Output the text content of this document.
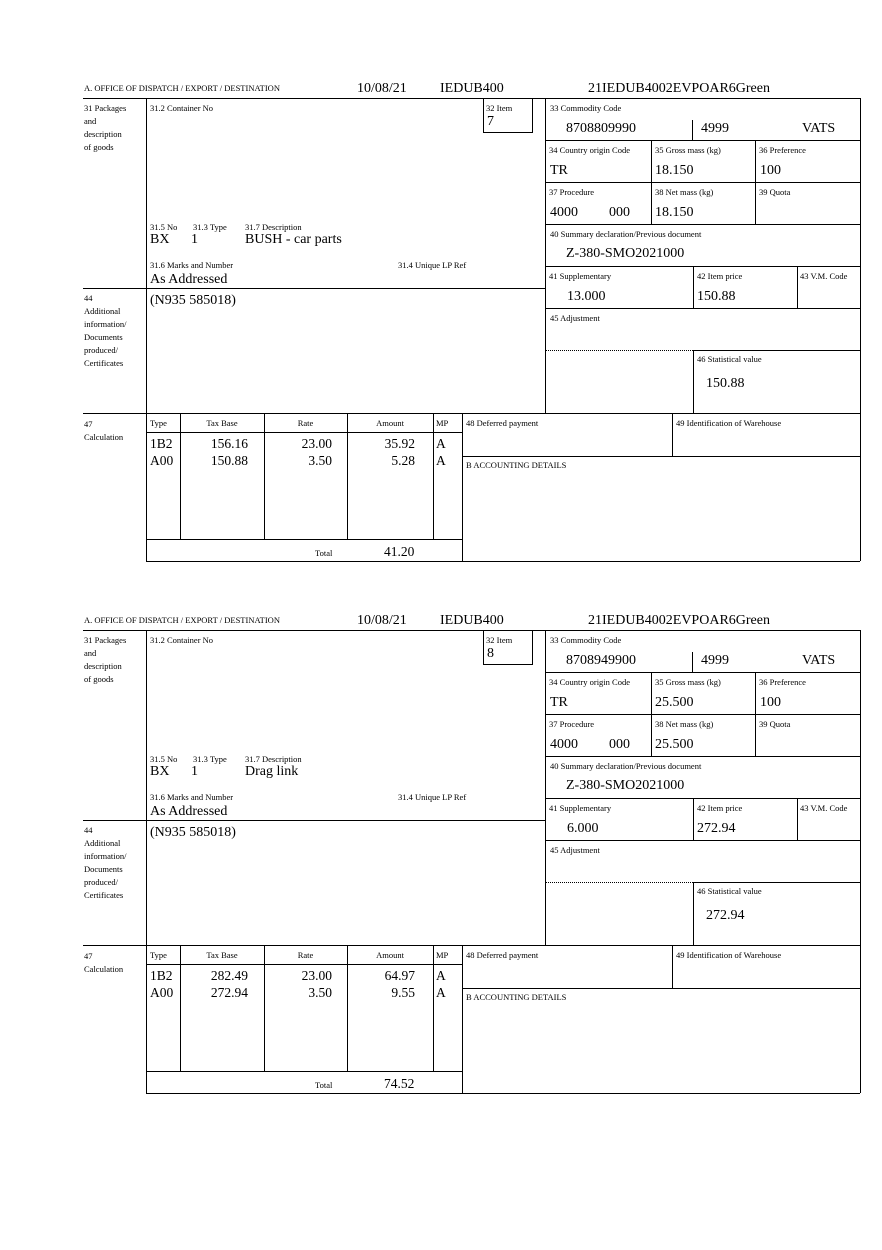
A. OFFICE OF DISPATCH / EXPORT / DESTINATION	10/08/21 IEDUB400	21IEDUB4002EVPOAR6Green
31 Packages
and
description
of goods
31.2 Container No	32 Item
7
33 Commodity Code
8708809990	4999	VATS
34 Country origin Code
TR
35 Gross mass (kg)
18.150
36 Preference
100
37 Procedure
4000 000
38 Net mass (kg)
18.150
39 Quota
31.5 No 31.3 Type 31.7 Description
BX 1	BUSH - car parts	40 Summary declaration/Previous document
Z-380-SMO2021000
31.6 Marks and Number
As Addressed
31.4 Unique LP Ref
41 Supplementary
13.000
42 Item price
150.88
43 V.M. Code
44
Additional
information/
Documents
produced/
Certificates
(N935 585018)
45 Adjustment
46 Statistical value
150.88
47
Calculation
Type	Tax Base	Rate	Amount	MP
1B2	156.16	23.00	35.92 A
A00	150.88	3.50	5.28 A
Total	41.20
48 Deferred payment	49 Identification of Warehouse
B ACCOUNTING DETAILS
A. OFFICE OF DISPATCH / EXPORT / DESTINATION	10/08/21 IEDUB400	21IEDUB4002EVPOAR6Green
31 Packages
and
description
of goods
31.2 Container No	32 Item
8
33 Commodity Code
8708949900	4999	VATS
34 Country origin Code
TR
35 Gross mass (kg)
25.500
36 Preference
100
37 Procedure
4000 000
38 Net mass (kg)
25.500
39 Quota
31.5 No 31.3 Type 31.7 Description
BX 1	Drag link	40 Summary declaration/Previous document
Z-380-SMO2021000
31.6 Marks and Number
As Addressed
31.4 Unique LP Ref
41 Supplementary
6.000
42 Item price
272.94
43 V.M. Code
44
Additional
information/
Documents
produced/
Certificates
(N935 585018)
45 Adjustment
46 Statistical value
272.94
47
Calculation
Type	Tax Base	Rate	Amount	MP
1B2	282.49	23.00	64.97 A
A00	272.94	3.50	9.55 A
Total	74.52
48 Deferred payment	49 Identification of Warehouse
B ACCOUNTING DETAILS
